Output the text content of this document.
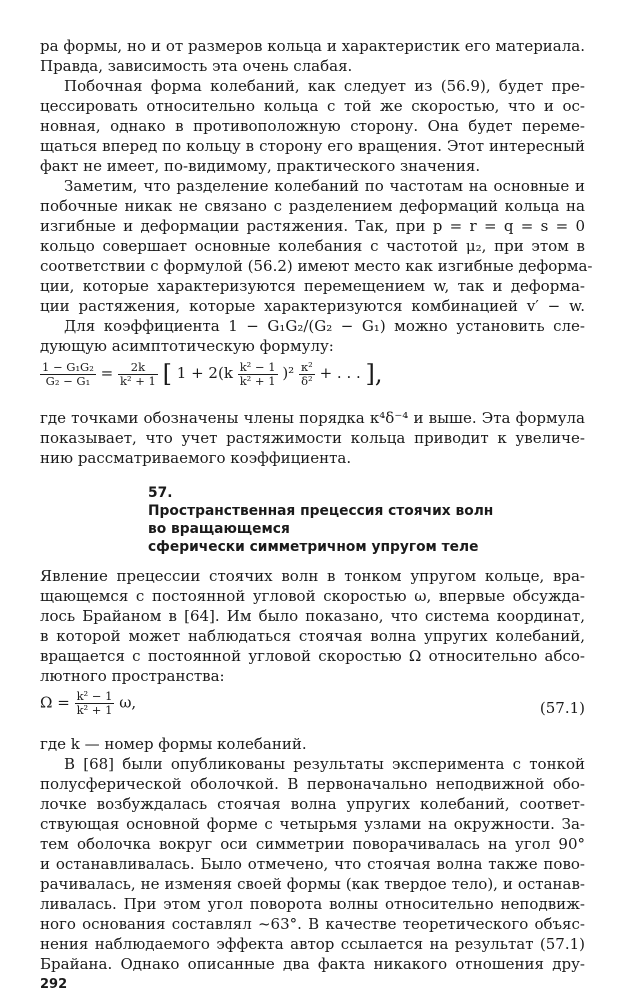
ра формы, но и от размеров кольца и характеристик его материала.
Правда, зависимость эта очень слабая.
Побочная форма колебаний, как следует из (56.9), будет пре-
цессировать относительно кольца с той же скоростью, что и ос-
новная, однако в противоположную сторону. Она будет переме-
щаться вперед по кольцу в сторону его вращения. Этот интересный
факт не имеет, по-видимому, практического значения.
Заметим, что разделение колебаний по частотам на основные и
побочные никак не связано с разделением деформаций кольца на
изгибные и деформации растяжения. Так, при p = r = q = s = 0
кольцо совершает основные колебания с частотой μ₂, при этом в
соответствии с формулой (56.2) имеют место как изгибные деформа-
ции, которые характеризуются перемещением w, так и деформа-
ции растяжения, которые характеризуются комбинацией v′ − w.
Для коэффициента 1 − G₁G₂/(G₂ − G₁) можно установить сле-
дующую асимптотическую формулу:
$\frac{\text{1 − G₁G₂}}{\text{G₂ − G₁}} = \frac{2k}{\text{k² + 1}}$ [ $1 + 2(k \frac{\text{k² − 1}}{\text{k² + 1}} )^2 \frac{\text{κ²}}{\text{δ²}}$ + . . . ],
где точками обозначены члены порядка κ⁴δ⁻⁴ и выше. Эта формула
показывает, что учет растяжимости кольца приводит к увеличе-
нию рассматриваемого коэффициента.
57.
Пространственная прецессия стоячих волн
во вращающемся
сферически симметричном упругом теле
Явление прецессии стоячих волн в тонком упругом кольце, вра-
щающемся с постоянной угловой скоростью ω, впервые обсуждa-
лось Брайаном в [64]. Им было показано, что система координат,
в которой может наблюдаться стоячая волна упругих колебаний,
вращается с постоянной угловой скоростью Ω относительно абсо-
лютного пространства:
$\Omega = \frac{\text{k² − 1}}{\text{k² + 1}} \omega$,	(57.1)
где k — номер формы колебаний.
В [68] были опубликованы результаты эксперимента с тонкой
полусферической оболочкой. В первоначально неподвижной обо-
лочке возбуждалась стоячая волна упругих колебаний, соответ-
ствующая основной форме с четырьмя узлами на окружности. За-
тем оболочка вокруг оси симметрии поворачивалась на угол 90°
и останавливалась. Было отмечено, что стоячая волна также пово-
рачивалась, не изменяя своей формы (как твердое тело), и останав-
ливалась. При этом угол поворота волны относительно неподвиж-
ного основания составлял ~63°. В качестве теоретического объяс-
нения наблюдаемого эффекта автор ссылается на результат (57.1)
Брайана. Однако описанные два факта никакого отношения дру-
292
